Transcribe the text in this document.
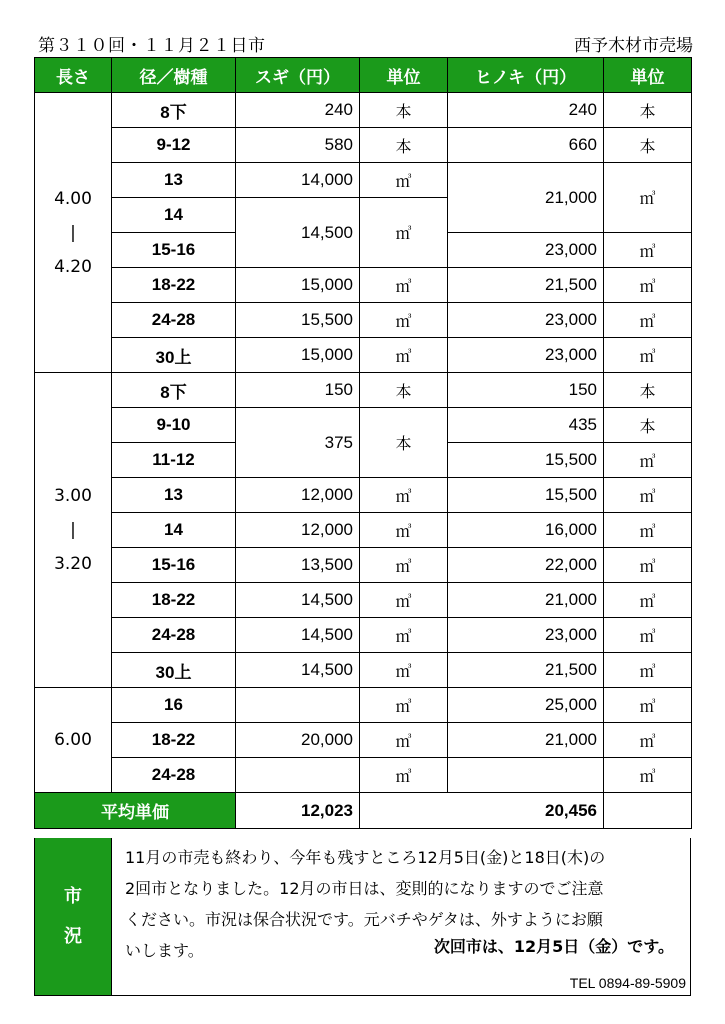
第３１０回・１１月２１日市	西予木材市売場
長さ	径／樹種	スギ（円）	単位	ヒノキ（円）	単位

4.00
|
4.20	8下	240	本	240	本
	9-12	580	本	660	本
	13	14,000	㎥	21,000	㎥
	14	14,500	㎥		
	15-16			23,000	㎥
	18-22	15,000	㎥	21,500	㎥
	24-28	15,500	㎥	23,000	㎥
	30上	15,000	㎥	23,000	㎥

3.00
|
3.20	8下	150	本	150	本
	9-10	375	本	435	本
	11-12			15,500	㎥
	13	12,000	㎥	15,500	㎥
	14	12,000	㎥	16,000	㎥
	15-16	13,500	㎥	22,000	㎥
	18-22	14,500	㎥	21,000	㎥
	24-28	14,500	㎥	23,000	㎥
	30上	14,500	㎥	21,500	㎥
6.00	16		㎥	25,000	㎥
	18-22	20,000	㎥	21,000	㎥
	24-28		㎥		㎥
平均単価		12,023		20,456	
市
況
11月の市売も終わり、今年も残すところ12月5日(金)と18日(木)の
2回市となりました。12月の市日は、変則的になりますのでご注意
ください。市況は保合状況です。元バチやゲタは、外すようにお願
いします。	次回市は、12月5日（金）です。
TEL 0894-89-5909
